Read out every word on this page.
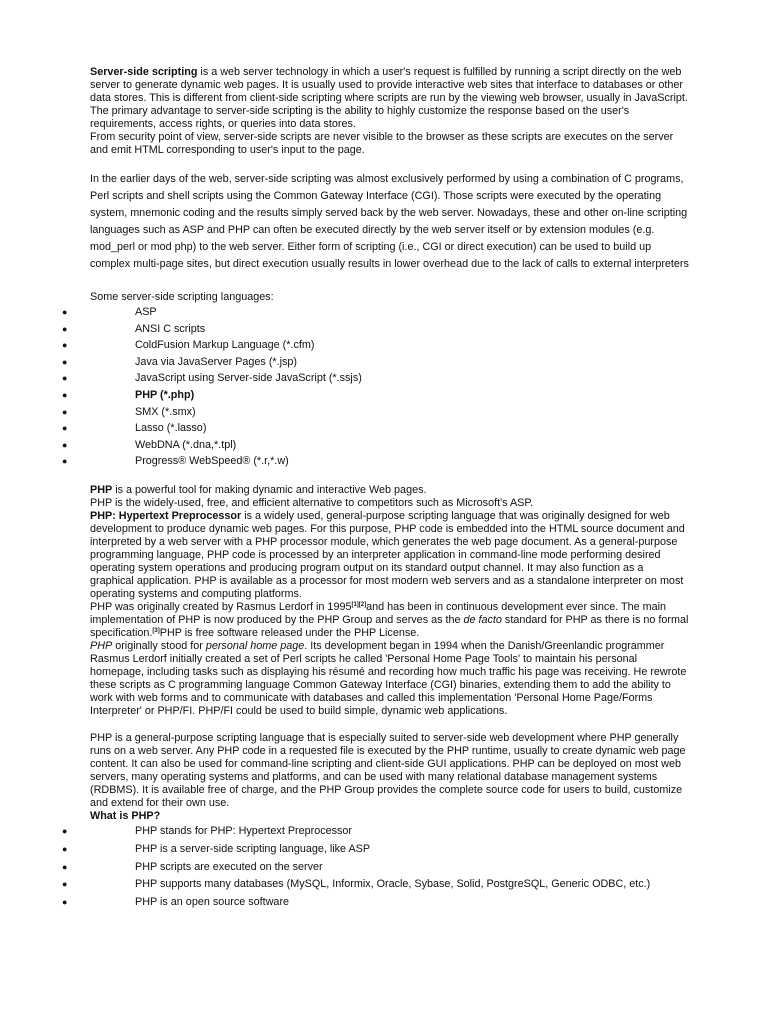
Server-side scripting is a web server technology in which a user's request is fulfilled by running a script directly on the web server to generate dynamic web pages. It is usually used to provide interactive web sites that interface to databases or other data stores. This is different from client-side scripting where scripts are run by the viewing web browser, usually in JavaScript. The primary advantage to server-side scripting is the ability to highly customize the response based on the user's requirements, access rights, or queries into data stores.
From security point of view, server-side scripts are never visible to the browser as these scripts are executes on the server and emit HTML corresponding to user's input to the page.
In the earlier days of the web, server-side scripting was almost exclusively performed by using a combination of C programs, Perl scripts and shell scripts using the Common Gateway Interface (CGI). Those scripts were executed by the operating system, mnemonic coding and the results simply served back by the web server. Nowadays, these and other on-line scripting languages such as ASP and PHP can often be executed directly by the web server itself or by extension modules (e.g. mod_perl or mod php) to the web server. Either form of scripting (i.e., CGI or direct execution) can be used to build up complex multi-page sites, but direct execution usually results in lower overhead due to the lack of calls to external interpreters
Some server-side scripting languages:
●	ASP
●	ANSI C scripts
●	ColdFusion Markup Language (*.cfm)
●	Java via JavaServer Pages (*.jsp)
●	JavaScript using Server-side JavaScript (*.ssjs)
●	PHP (*.php)
●	SMX (*.smx)
●	Lasso (*.lasso)
●	WebDNA (*.dna,*.tpl)
●	Progress® WebSpeed® (*.r,*.w)
PHP is a powerful tool for making dynamic and interactive Web pages.
PHP is the widely-used, free, and efficient alternative to competitors such as Microsoft's ASP.
PHP: Hypertext Preprocessor is a widely used, general-purpose scripting language that was originally designed for web development to produce dynamic web pages. For this purpose, PHP code is embedded into the HTML source document and interpreted by a web server with a PHP processor module, which generates the web page document. As a general-purpose programming language, PHP code is processed by an interpreter application in command-line mode performing desired operating system operations and producing program output on its standard output channel. It may also function as a graphical application. PHP is available as a processor for most modern web servers and as a standalone interpreter on most operating systems and computing platforms.
PHP was originally created by Rasmus Lerdorf in 1995[1][2]and has been in continuous development ever since. The main implementation of PHP is now produced by the PHP Group and serves as the de facto standard for PHP as there is no formal specification.[3]PHP is free software released under the PHP License.
PHP originally stood for personal home page. Its development began in 1994 when the Danish/Greenlandic programmer Rasmus Lerdorf initially created a set of Perl scripts he called 'Personal Home Page Tools' to maintain his personal homepage, including tasks such as displaying his résumé and recording how much traffic his page was receiving. He rewrote these scripts as C programming language Common Gateway Interface (CGI) binaries, extending them to add the ability to work with web forms and to communicate with databases and called this implementation 'Personal Home Page/Forms Interpreter' or PHP/FI. PHP/FI could be used to build simple, dynamic web applications.
PHP is a general-purpose scripting language that is especially suited to server-side web development where PHP generally runs on a web server. Any PHP code in a requested file is executed by the PHP runtime, usually to create dynamic web page content. It can also be used for command-line scripting and client-side GUI applications. PHP can be deployed on most web servers, many operating systems and platforms, and can be used with many relational database management systems (RDBMS). It is available free of charge, and the PHP Group provides the complete source code for users to build, customize and extend for their own use.
What is PHP?
●	PHP stands for PHP: Hypertext Preprocessor
●	PHP is a server-side scripting language, like ASP
●	PHP scripts are executed on the server
●	PHP supports many databases (MySQL, Informix, Oracle, Sybase, Solid, PostgreSQL, Generic ODBC, etc.)
●	PHP is an open source software
